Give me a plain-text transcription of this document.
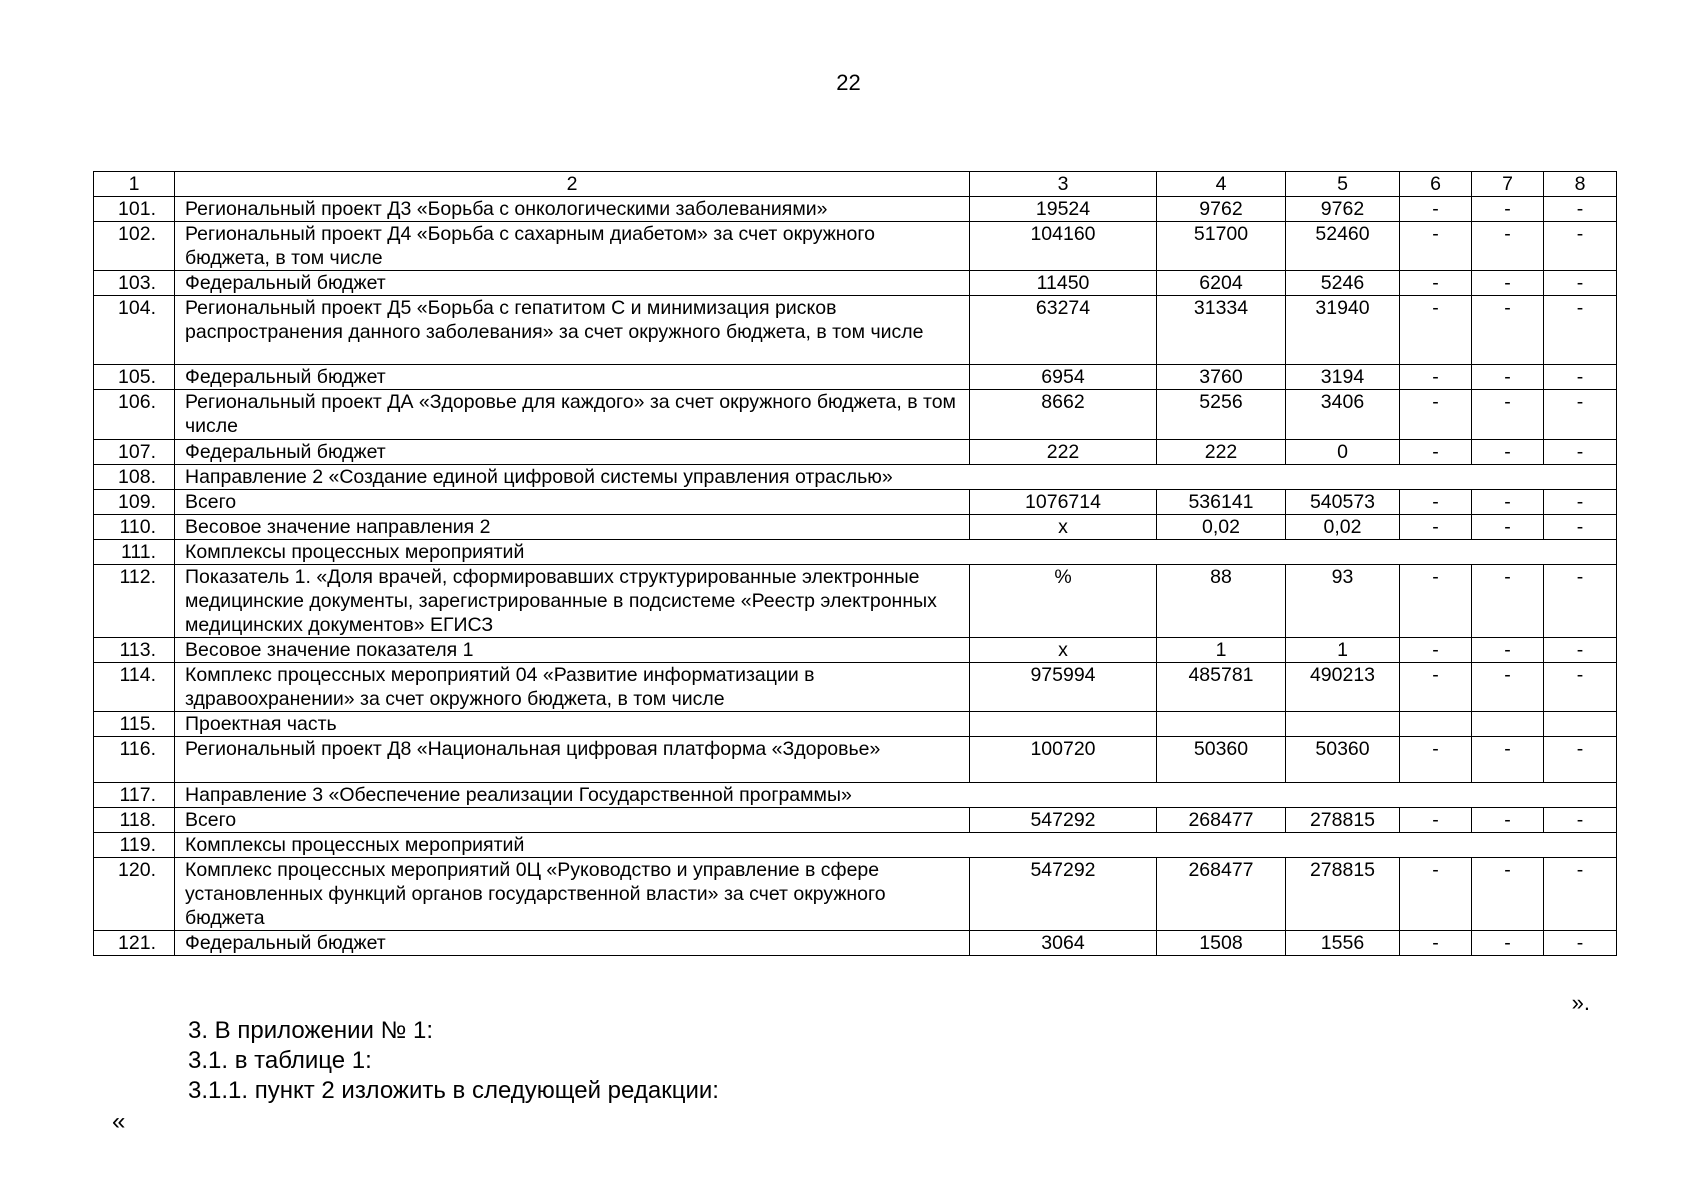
22
1	2	3	4	5	6	7	8
101.	Региональный проект Д3 «Борьба с онкологическими заболеваниями»	19524	9762	9762	-	-	-
102.	Региональный проект Д4 «Борьба с сахарным диабетом» за счет окружного бюджета, в том числе	104160	51700	52460	-	-	-
103.	Федеральный бюджет	11450	6204	5246	-	-	-
104.	Региональный проект Д5 «Борьба с гепатитом С и минимизация рисков распространения данного заболевания» за счет окружного бюджета, в том числе	63274	31334	31940	-	-	-
105.	Федеральный бюджет	6954	3760	3194	-	-	-
106.	Региональный проект ДА «Здоровье для каждого» за счет окружного бюджета, в том числе	8662	5256	3406	-	-	-
107.	Федеральный бюджет	222	222	0	-	-	-
108.	Направление 2 «Создание единой цифровой системы управления отраслью»						
109.	Всего	1076714	536141	540573	-	-	-
110.	Весовое значение направления 2	х	0,02	0,02	-	-	-
111.	Комплексы процессных мероприятий						
112.	Показатель 1. «Доля врачей, сформировавших структурированные электронные медицинские документы, зарегистрированные в подсистеме «Реестр электронных медицинских документов» ЕГИСЗ	%	88	93	-	-	-
113.	Весовое значение показателя 1	х	1	1	-	-	-
114.	Комплекс процессных мероприятий 04 «Развитие информатизации в здравоохранении» за счет окружного бюджета, в том числе	975994	485781	490213	-	-	-
115.	Проектная часть						
116.	Региональный проект Д8 «Национальная цифровая платформа «Здоровье»	100720	50360	50360	-	-	-
117.	Направление 3 «Обеспечение реализации Государственной программы»						
118.	Всего	547292	268477	278815	-	-	-
119.	Комплексы процессных мероприятий						
120.	Комплекс процессных мероприятий 0Ц «Руководство и управление в сфере установленных функций органов государственной власти» за счет окружного бюджета	547292	268477	278815	-	-	-
121.	Федеральный бюджет	3064	1508	1556	-	-	-
».
3. В приложении № 1:
3.1. в таблице 1:
3.1.1. пункт 2 изложить в следующей редакции:
«
